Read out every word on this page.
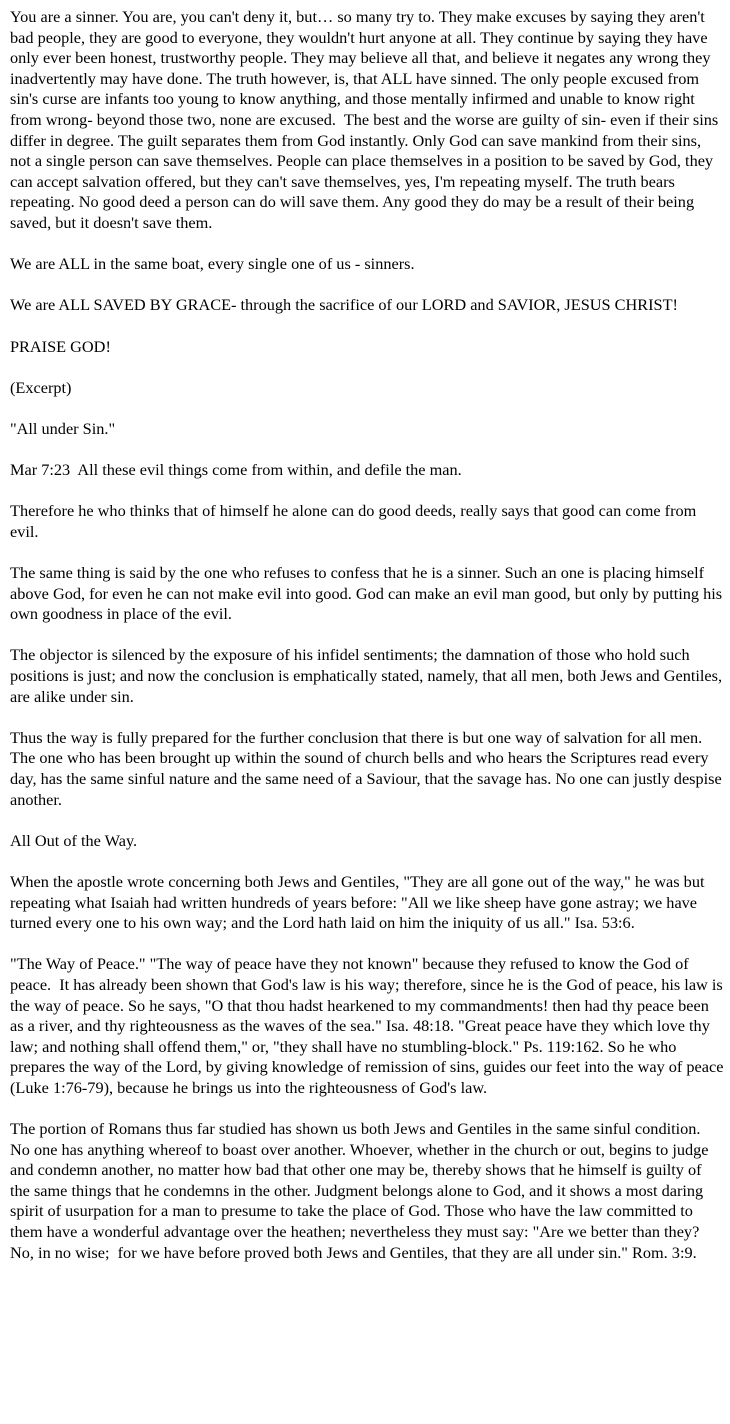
You are a sinner. You are, you can't deny it, but… so many try to. They make excuses by saying they aren't bad people, they are good to everyone, they wouldn't hurt anyone at all. They continue by saying they have only ever been honest, trustworthy people. They may believe all that, and believe it negates any wrong they inadvertently may have done. The truth however, is, that ALL have sinned. The only people excused from sin's curse are infants too young to know anything, and those mentally infirmed and unable to know right from wrong- beyond those two, none are excused.  The best and the worse are guilty of sin- even if their sins differ in degree. The guilt separates them from God instantly. Only God can save mankind from their sins, not a single person can save themselves. People can place themselves in a position to be saved by God, they can accept salvation offered, but they can't save themselves, yes, I'm repeating myself. The truth bears repeating. No good deed a person can do will save them. Any good they do may be a result of their being saved, but it doesn't save them.

We are ALL in the same boat, every single one of us - sinners.

We are ALL SAVED BY GRACE- through the sacrifice of our LORD and SAVIOR, JESUS CHRIST!

PRAISE GOD!

(Excerpt)

"All under Sin."

Mar 7:23  All these evil things come from within, and defile the man.

Therefore he who thinks that of himself he alone can do good deeds, really says that good can come from evil.

The same thing is said by the one who refuses to confess that he is a sinner. Such an one is placing himself above God, for even he can not make evil into good. God can make an evil man good, but only by putting his own goodness in place of the evil.

The objector is silenced by the exposure of his infidel sentiments; the damnation of those who hold such positions is just; and now the conclusion is emphatically stated, namely, that all men, both Jews and Gentiles, are alike under sin.

Thus the way is fully prepared for the further conclusion that there is but one way of salvation for all men. The one who has been brought up within the sound of church bells and who hears the Scriptures read every day, has the same sinful nature and the same need of a Saviour, that the savage has. No one can justly despise another.

All Out of the Way.

When the apostle wrote concerning both Jews and Gentiles, "They are all gone out of the way," he was but repeating what Isaiah had written hundreds of years before: "All we like sheep have gone astray; we have turned every one to his own way; and the Lord hath laid on him the iniquity of us all." Isa. 53:6.

"The Way of Peace." "The way of peace have they not known" because they refused to know the God of peace.  It has already been shown that God's law is his way; therefore, since he is the God of peace, his law is the way of peace. So he says, "O that thou hadst hearkened to my commandments! then had thy peace been as a river, and thy righteousness as the waves of the sea." Isa. 48:18. "Great peace have they which love thy law; and nothing shall offend them," or, "they shall have no stumbling-block." Ps. 119:162. So he who prepares the way of the Lord, by giving knowledge of remission of sins, guides our feet into the way of peace (Luke 1:76-79), because he brings us into the righteousness of God's law.

The portion of Romans thus far studied has shown us both Jews and Gentiles in the same sinful condition. No one has anything whereof to boast over another. Whoever, whether in the church or out, begins to judge and condemn another, no matter how bad that other one may be, thereby shows that he himself is guilty of the same things that he condemns in the other. Judgment belongs alone to God, and it shows a most daring spirit of usurpation for a man to presume to take the place of God. Those who have the law committed to them have a wonderful advantage over the heathen; nevertheless they must say: "Are we better than they? No, in no wise;  for we have before proved both Jews and Gentiles, that they are all under sin." Rom. 3:9.
